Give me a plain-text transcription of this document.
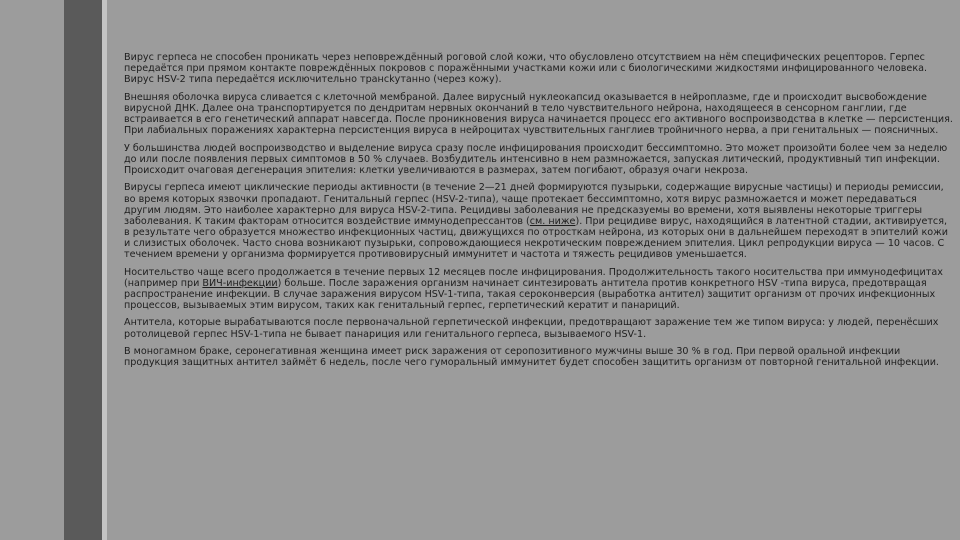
Вирус герпеса не способен проникать через неповреждённый роговой слой кожи, что обусловлено отсутствием на нём специфических рецепторов. Герпес передаётся при прямом контакте повреждённых покровов с поражёнными участками кожи или с биологическими жидкостями инфицированного человека. Вирус HSV-2 типа передаётся исключительно трансkутанно (через кожу).

Внешняя оболочка вируса сливается с клеточной мембраной. Далее вирусный нуклеокапсид оказывается в нейроплазме, где и происходит высвобождение вирусной ДНК. Далее она транспортируется по дендритам нервных окончаний в тело чувствительного нейрона, находящееся в сенсорном ганглии, где встраивается в его генетический аппарат навсегда. После проникновения вируса начинается процесс его активного воспроизводства в клетке — персистенция. При лабиальных поражениях характерна персистенция вируса в нейроцитах чувствительных ганглиев тройничного нерва, а при генитальных — поясничных.

У большинства людей воспроизводство и выделение вируса сразу после инфицирования происходит бессимптомно. Это может произойти более чем за неделю до или после появления первых симптомов в 50 % случаев. Возбудитель интенсивно в нем размножается, запуская литический, продуктивный тип инфекции. Происходит очаговая дегенерация эпителия: клетки увеличиваются в размерах, затем погибают, образуя очаги некроза.

Вирусы герпеса имеют циклические периоды активности (в течение 2—21 дней формируются пузырьки, содержащие вирусные частицы) и периоды ремиссии, во время которых язвочки пропадают. Генитальный герпес (HSV-2-типа), чаще протекает бессимптомно, хотя вирус размножается и может передаваться другим людям. Это наиболее характерно для вируса HSV-2-типа. Рецидивы заболевания не предсказуемы во времени, хотя выявлены некоторые триггеры заболевания. К таким факторам относится воздействие иммунодепрессантов (см. ниже). При рецидиве вирус, находящийся в латентной стадии, активируется, в результате чего образуется множество инфекционных частиц, движущихся по отросткам нейрона, из которых они в дальнейшем переходят в эпителий кожи и слизистых оболочек. Часто снова возникают пузырьки, сопровождающиеся некротическим повреждением эпителия. Цикл репродукции вируса — 10 часов. С течением времени у организма формируется противовирусный иммунитет и частота и тяжесть рецидивов уменьшается.

Носительство чаще всего продолжается в течение первых 12 месяцев после инфицирования. Продолжительность такого носительства при иммунодефицитах (например при ВИЧ-инфекции) больше. После заражения организм начинает синтезировать антитела против конкретного HSV -типа вируса, предотвращая распространение инфекции. В случае заражения вирусом HSV-1-типа, такая сероконверсия (выработка антител) защитит организм от прочих инфекционных процессов, вызываемых этим вирусом, таких как генитальный герпес, герпетический кератит и панариций.

Антитела, которые вырабатываются после первоначальной герпетической инфекции, предотвращают заражение тем же типом вируса: у людей, перенёсших ротолицевой герпес HSV-1-типа не бывает панариция или генитального герпеса, вызываемого HSV-1.

В моногамном браке, серонегативная женщина имеет риск заражения от серопозитивного мужчины выше 30 % в год. При первой оральной инфекции продукция защитных антител займёт 6 недель, после чего гуморальный иммунитет будет способен защитить организм от повторной генитальной инфекции.
